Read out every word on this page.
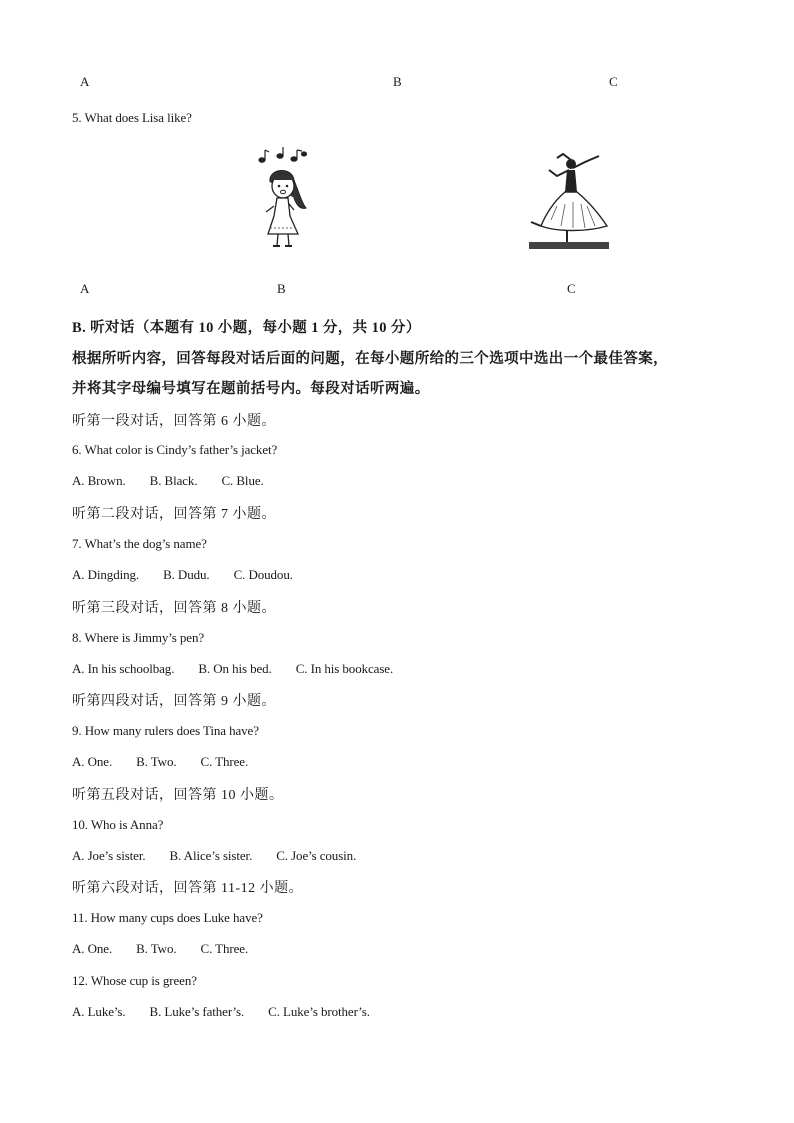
A	B	C
5. What does Lisa like?
A	B	C
B. 听对话（本题有 10 小题，每小题 1 分，共 10 分）
根据所听内容，回答每段对话后面的问题，在每小题所给的三个选项中选出一个最佳答案，
并将其字母编号填写在题前括号内。每段对话听两遍。
听第一段对话，回答第 6 小题。
6. What color is Cindy’s father’s jacket?
A. Brown. B. Black. C. Blue.
听第二段对话，回答第 7 小题。
7. What’s the dog’s name?
A. Dingding. B. Dudu. C. Doudou.
听第三段对话，回答第 8 小题。
8. Where is Jimmy’s pen?
A. In his schoolbag. B. On his bed. C. In his bookcase.
听第四段对话，回答第 9 小题。
9. How many rulers does Tina have?
A. One. B. Two. C. Three.
听第五段对话，回答第 10 小题。
10. Who is Anna?
A. Joe’s sister. B. Alice’s sister. C. Joe’s cousin.
听第六段对话，回答第 11-12 小题。
11. How many cups does Luke have?
A. One. B. Two. C. Three.
12. Whose cup is green?
A. Luke’s. B. Luke’s father’s. C. Luke’s brother’s.
